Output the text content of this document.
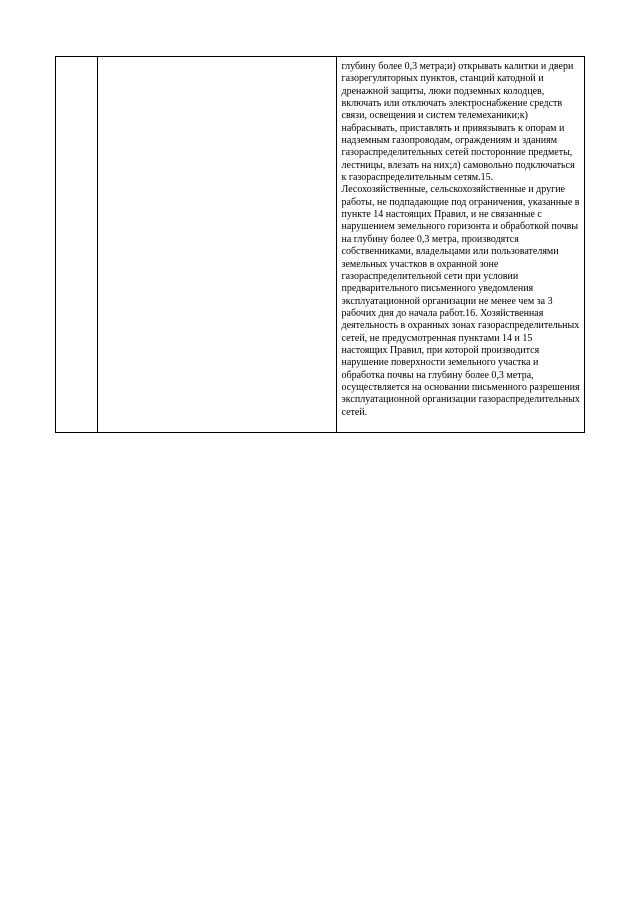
глубину более 0,3 метра;и) открывать калитки и двери газорегуляторных пунктов, станций катодной и дренажной защиты, люки подземных колодцев, включать или отключать электроснабжение средств связи, освещения и систем телемеханики;к) набрасывать, приставлять и привязывать к опорам и надземным газопроводам, ограждениям и зданиям газораспределительных сетей посторонние предметы, лестницы, влезать на них;л) самовольно подключаться к газораспределительным сетям.15. Лесохозяйственные, сельскохозяйственные и другие работы, не подпадающие под ограничения, указанные в пункте 14 настоящих Правил, и не связанные с нарушением земельного горизонта и обработкой почвы на глубину более 0,3 метра, производятся собственниками, владельцами или пользователями земельных участков в охранной зоне газораспределительной сети при условии предварительного письменного уведомления эксплуатационной организации не менее чем за 3 рабочих дня до начала работ.16. Хозяйственная деятельность в охранных зонах газораспределительных сетей, не предусмотренная пунктами 14 и 15 настоящих Правил, при которой производится нарушение поверхности земельного участка и обработка почвы на глубину более 0,3 метра, осуществляется на основании письменного разрешения эксплуатационной организации газораспределительных сетей.
